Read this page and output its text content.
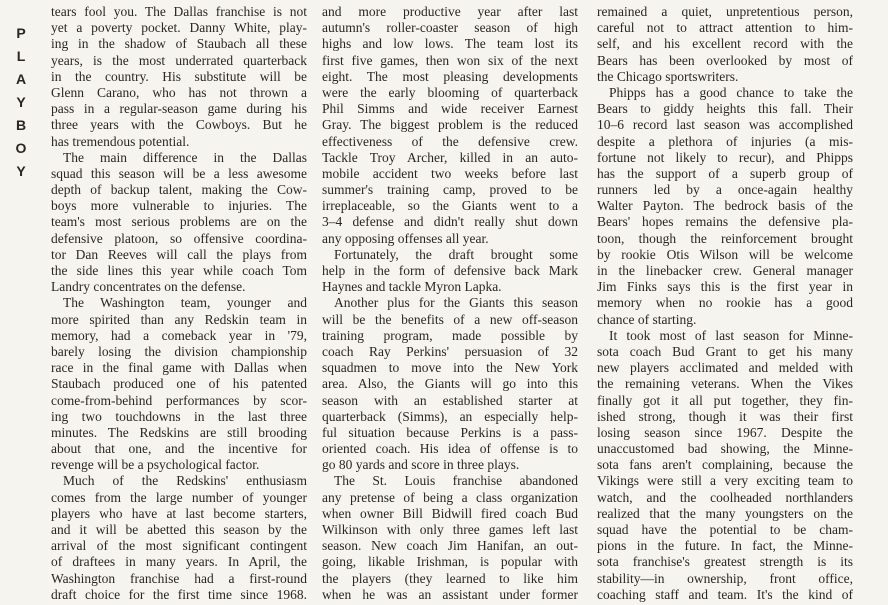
P
L
A
Y
B
O
Y
tears fool you. The Dallas franchise is not
yet a poverty pocket. Danny White, play-
ing in the shadow of Staubach all these
years, is the most underrated quarterback
in the country. His substitute will be
Glenn Carano, who has not thrown a
pass in a regular-season game during his
three years with the Cowboys. But he
has tremendous potential.
The main difference in the Dallas
squad this season will be a less awesome
depth of backup talent, making the Cow-
boys more vulnerable to injuries. The
team's most serious problems are on the
defensive platoon, so offensive coordina-
tor Dan Reeves will call the plays from
the side lines this year while coach Tom
Landry concentrates on the defense.
The Washington team, younger and
more spirited than any Redskin team in
memory, had a comeback year in '79,
barely losing the division championship
race in the final game with Dallas when
Staubach produced one of his patented
come-from-behind performances by scor-
ing two touchdowns in the last three
minutes. The Redskins are still brooding
about that one, and the incentive for
revenge will be a psychological factor.
Much of the Redskins' enthusiasm
comes from the large number of younger
players who have at last become starters,
and it will be abetted this season by the
arrival of the most significant contingent
of draftees in many years. In April, the
Washington franchise had a first-round
draft choice for the first time since 1968.
and more productive year after last
autumn's roller-coaster season of high
highs and low lows. The team lost its
first five games, then won six of the next
eight. The most pleasing developments
were the early blooming of quarterback
Phil Simms and wide receiver Earnest
Gray. The biggest problem is the reduced
effectiveness of the defensive crew.
Tackle Troy Archer, killed in an auto-
mobile accident two weeks before last
summer's training camp, proved to be
irreplaceable, so the Giants went to a
3–4 defense and didn't really shut down
any opposing offenses all year.
Fortunately, the draft brought some
help in the form of defensive back Mark
Haynes and tackle Myron Lapka.
Another plus for the Giants this season
will be the benefits of a new off-season
training program, made possible by
coach Ray Perkins' persuasion of 32
squadmen to move into the New York
area. Also, the Giants will go into this
season with an established starter at
quarterback (Simms), an especially help-
ful situation because Perkins is a pass-
oriented coach. His idea of offense is to
go 80 yards and score in three plays.
The St. Louis franchise abandoned
any pretense of being a class organization
when owner Bill Bidwill fired coach Bud
Wilkinson with only three games left last
season. New coach Jim Hanifan, an out-
going, likable Irishman, is popular with
the players (they learned to like him
when he was an assistant under former
remained a quiet, unpretentious person,
careful not to attract attention to him-
self, and his excellent record with the
Bears has been overlooked by most of
the Chicago sportswriters.
Phipps has a good chance to take the
Bears to giddy heights this fall. Their
10–6 record last season was accomplished
despite a plethora of injuries (a mis-
fortune not likely to recur), and Phipps
has the support of a superb group of
runners led by a once-again healthy
Walter Payton. The bedrock basis of the
Bears' hopes remains the defensive pla-
toon, though the reinforcement brought
by rookie Otis Wilson will be welcome
in the linebacker crew. General manager
Jim Finks says this is the first year in
memory when no rookie has a good
chance of starting.
It took most of last season for Minne-
sota coach Bud Grant to get his many
new players acclimated and melded with
the remaining veterans. When the Vikes
finally got it all put together, they fin-
ished strong, though it was their first
losing season since 1967. Despite the
unaccustomed bad showing, the Minne-
sota fans aren't complaining, because the
Vikings were still a very exciting team to
watch, and the coolheaded northlanders
realized that the many youngsters on the
squad have the potential to be cham-
pions in the future. In fact, the Minne-
sota franchise's greatest strength is its
stability—in ownership, front office,
coaching staff and team. It's the kind of
